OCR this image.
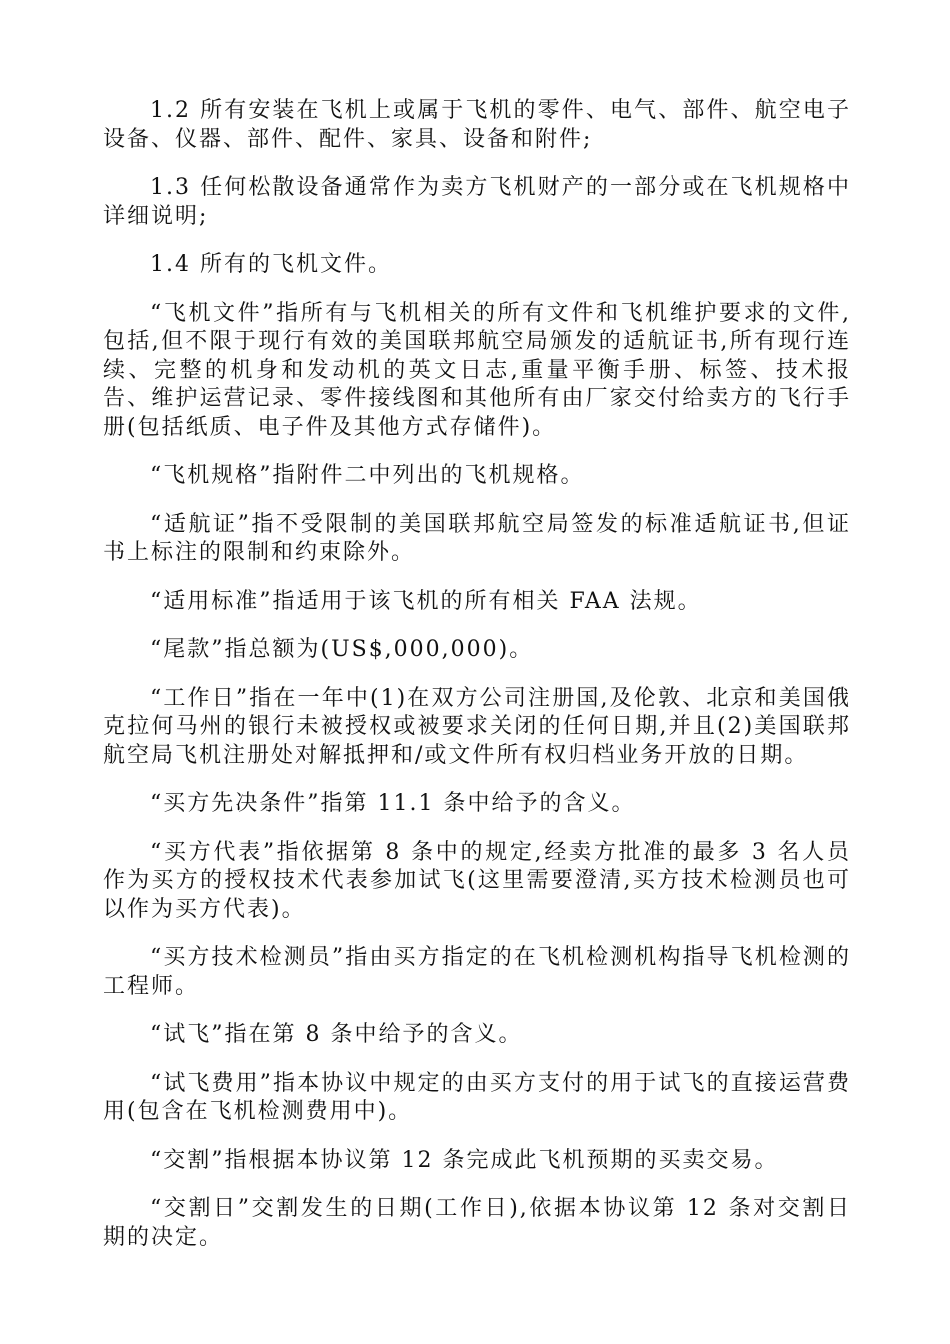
1.2 所有安装在飞机上或属于飞机的零件、电气、部件、航空电子设备、仪器、部件、配件、家具、设备和附件;

1.3 任何松散设备通常作为卖方飞机财产的一部分或在飞机规格中详细说明;

1.4 所有的飞机文件。

“飞机文件”指所有与飞机相关的所有文件和飞机维护要求的文件,包括,但不限于现行有效的美国联邦航空局颁发的适航证书,所有现行连续、完整的机身和发动机的英文日志,重量平衡手册、标签、技术报告、维护运营记录、零件接线图和其他所有由厂家交付给卖方的飞行手册(包括纸质、电子件及其他方式存储件)。

“飞机规格”指附件二中列出的飞机规格。

“适航证”指不受限制的美国联邦航空局签发的标准适航证书,但证书上标注的限制和约束除外。

“适用标准”指适用于该飞机的所有相关 FAA 法规。

“尾款”指总额为(US$,000,000)。

“工作日”指在一年中(1)在双方公司注册国,及伦敦、北京和美国俄克拉何马州的银行未被授权或被要求关闭的任何日期,并且(2)美国联邦航空局飞机注册处对解抵押和/或文件所有权归档业务开放的日期。

“买方先决条件”指第 11.1 条中给予的含义。

“买方代表”指依据第 8 条中的规定,经卖方批准的最多 3 名人员作为买方的授权技术代表参加试飞(这里需要澄清,买方技术检测员也可以作为买方代表)。

“买方技术检测员”指由买方指定的在飞机检测机构指导飞机检测的工程师。

“试飞”指在第 8 条中给予的含义。

“试飞费用”指本协议中规定的由买方支付的用于试飞的直接运营费用(包含在飞机检测费用中)。

“交割”指根据本协议第 12 条完成此飞机预期的买卖交易。

“交割日”交割发生的日期(工作日),依据本协议第 12 条对交割日期的决定。
